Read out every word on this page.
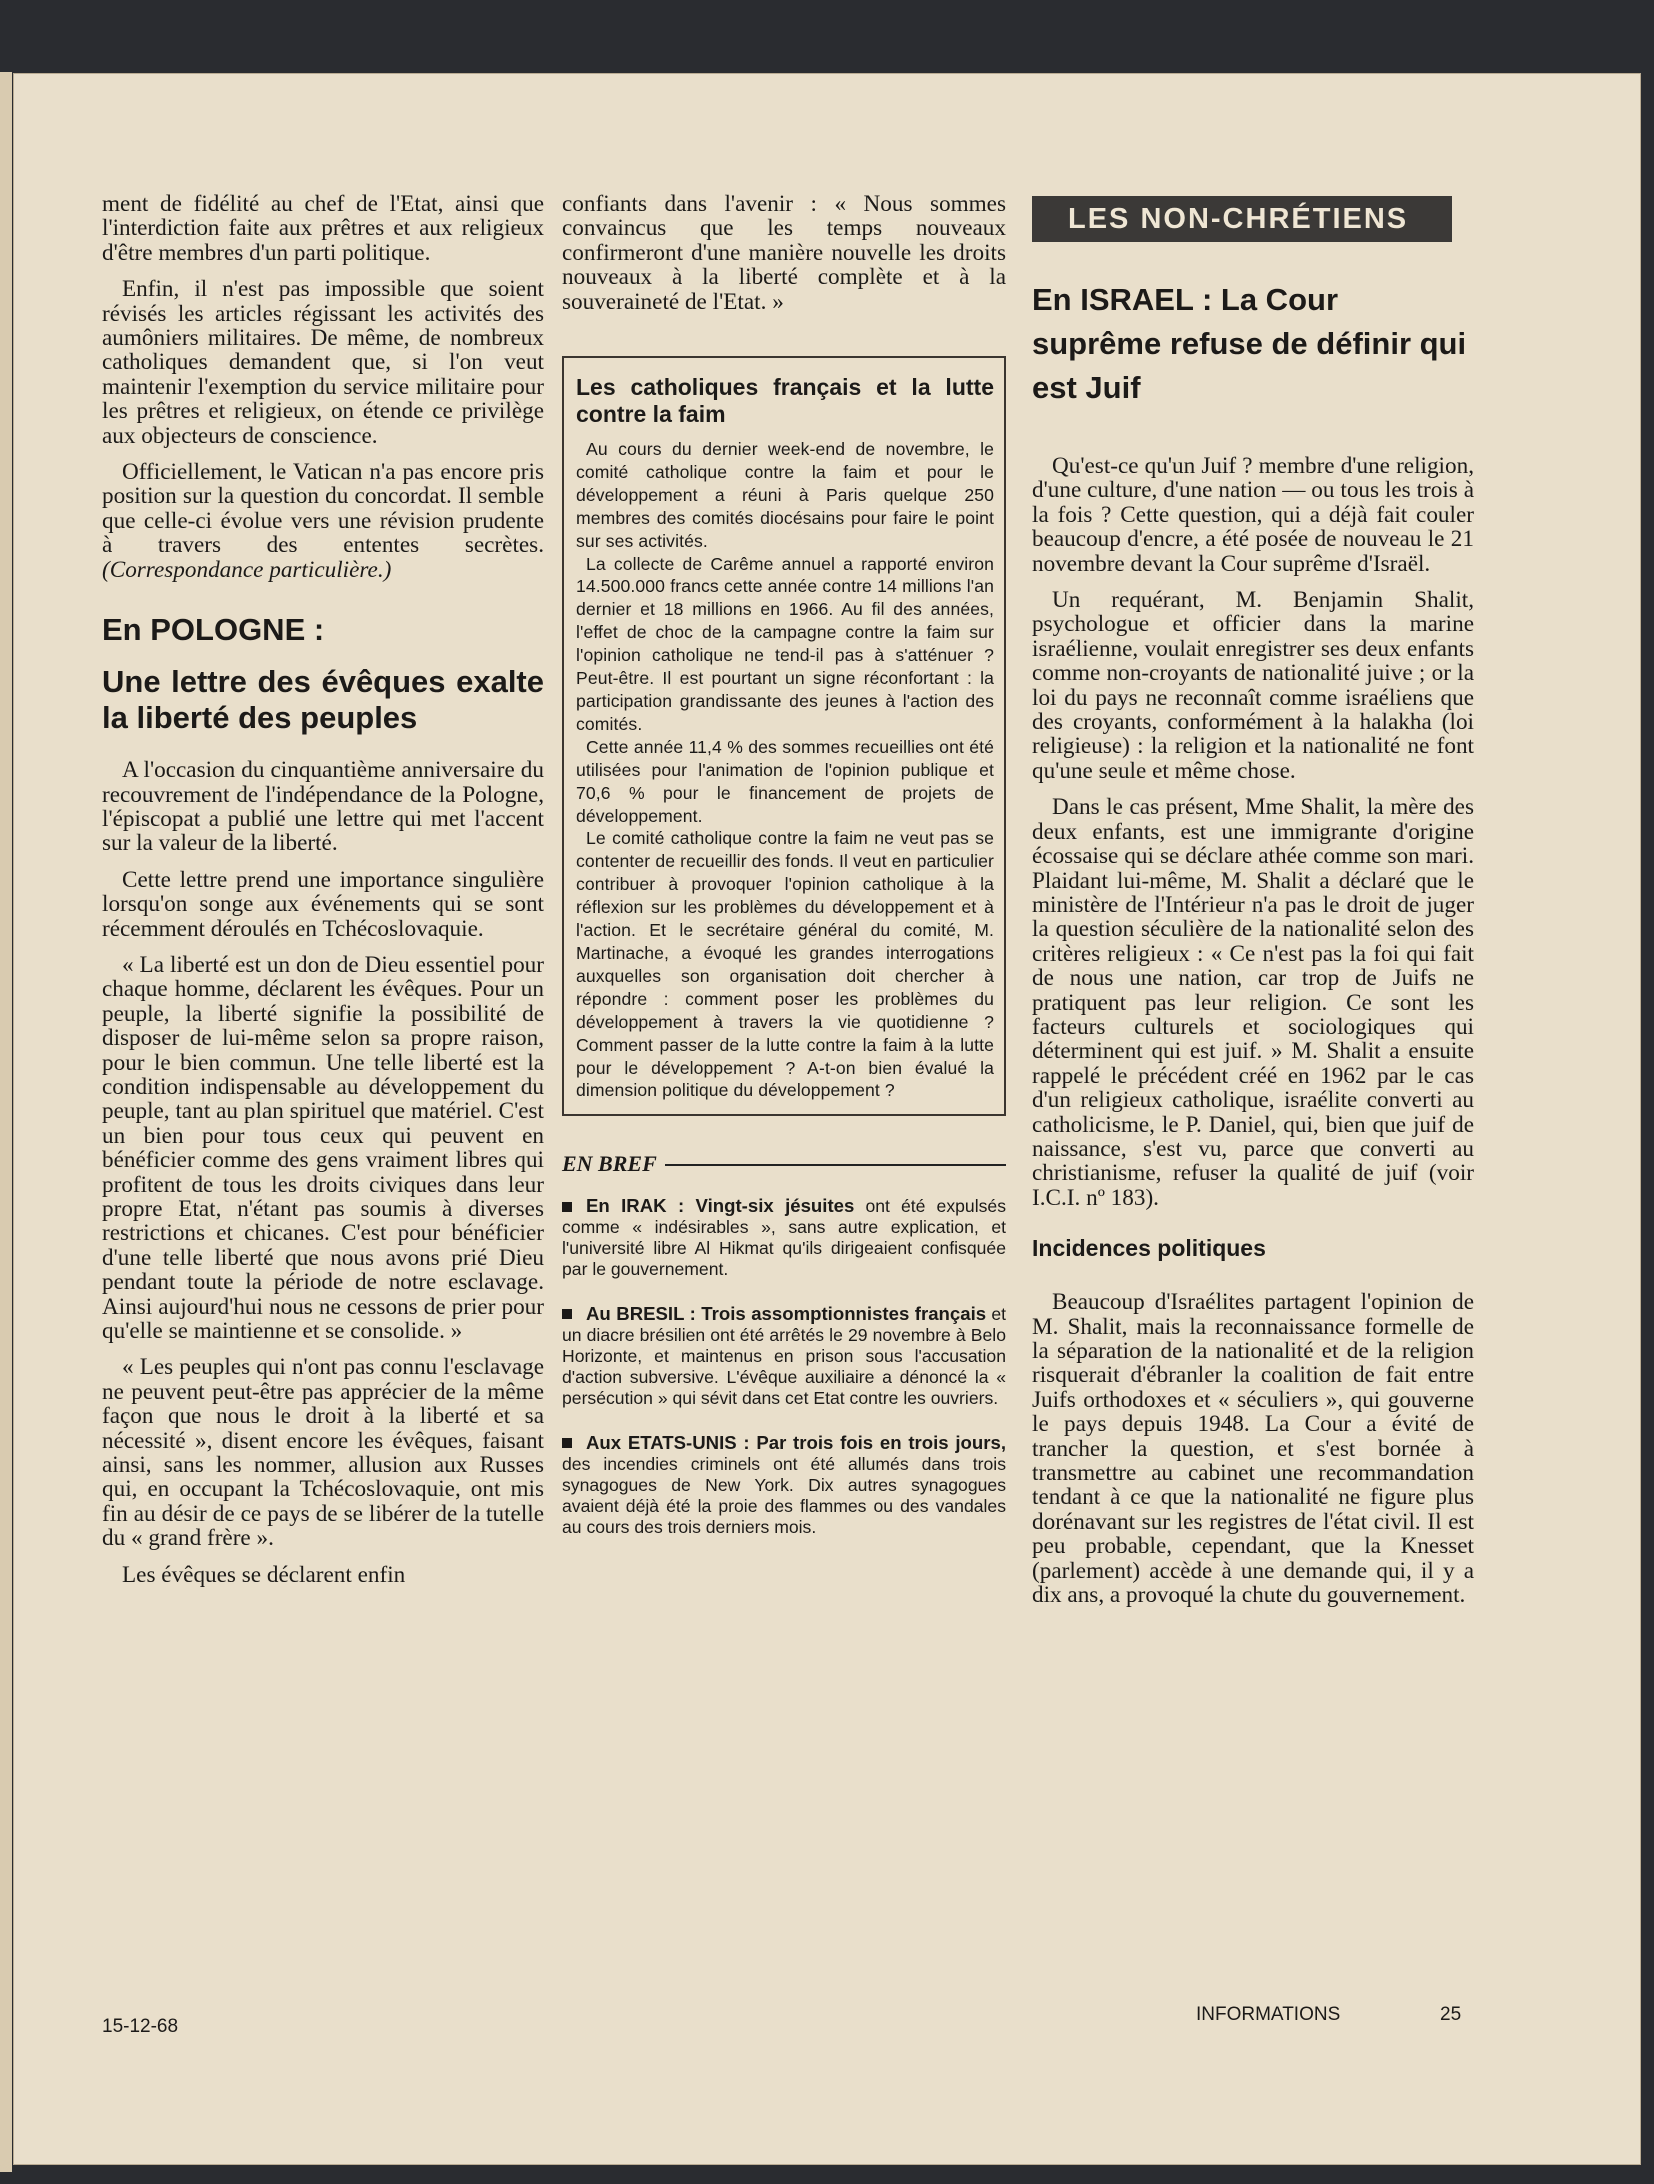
ment de fidélité au chef de l'Etat, ainsi que l'interdiction faite aux prêtres et aux religieux d'être membres d'un parti politique.

Enfin, il n'est pas impossible que soient révisés les articles régissant les activités des aumôniers militaires. De même, de nombreux catholiques demandent que, si l'on veut maintenir l'exemption du service militaire pour les prêtres et religieux, on étende ce privilège aux objecteurs de conscience.

Officiellement, le Vatican n'a pas encore pris position sur la question du concordat. Il semble que celle-ci évolue vers une révision prudente à travers des ententes secrètes. (Correspondance particulière.)

En POLOGNE :
Une lettre des évêques exalte la liberté des peuples

A l'occasion du cinquantième anniversaire du recouvrement de l'indépendance de la Pologne, l'épiscopat a publié une lettre qui met l'accent sur la valeur de la liberté.

Cette lettre prend une importance singulière lorsqu'on songe aux événements qui se sont récemment déroulés en Tchécoslovaquie.

« La liberté est un don de Dieu essentiel pour chaque homme, déclarent les évêques. Pour un peuple, la liberté signifie la possibilité de disposer de lui-même selon sa propre raison, pour le bien commun. Une telle liberté est la condition indispensable au développement du peuple, tant au plan spirituel que matériel. C'est un bien pour tous ceux qui peuvent en bénéficier comme des gens vraiment libres qui profitent de tous les droits civiques dans leur propre Etat, n'étant pas soumis à diverses restrictions et chicanes. C'est pour bénéficier d'une telle liberté que nous avons prié Dieu pendant toute la période de notre esclavage. Ainsi aujourd'hui nous ne cessons de prier pour qu'elle se maintienne et se consolide. »

« Les peuples qui n'ont pas connu l'esclavage ne peuvent peut-être pas apprécier de la même façon que nous le droit à la liberté et sa nécessité », disent encore les évêques, faisant ainsi, sans les nommer, allusion aux Russes qui, en occupant la Tchécoslovaquie, ont mis fin au désir de ce pays de se libérer de la tutelle du « grand frère ».

Les évêques se déclarent enfin

confiants dans l'avenir : « Nous sommes convaincus que les temps nouveaux confirmeront d'une manière nouvelle les droits nouveaux à la liberté complète et à la souveraineté de l'Etat. »

Les catholiques français et la lutte contre la faim

Au cours du dernier week-end de novembre, le comité catholique contre la faim et pour le développement a réuni à Paris quelque 250 membres des comités diocésains pour faire le point sur ses activités.

La collecte de Carême annuel a rapporté environ 14.500.000 francs cette année contre 14 millions l'an dernier et 18 millions en 1966. Au fil des années, l'effet de choc de la campagne contre la faim sur l'opinion catholique ne tend-il pas à s'atténuer ? Peut-être. Il est pourtant un signe réconfortant : la participation grandissante des jeunes à l'action des comités.

Cette année 11,4 % des sommes recueillies ont été utilisées pour l'animation de l'opinion publique et 70,6 % pour le financement de projets de développement.

Le comité catholique contre la faim ne veut pas se contenter de recueillir des fonds. Il veut en particulier contribuer à provoquer l'opinion catholique à la réflexion sur les problèmes du développement et à l'action. Et le secrétaire général du comité, M. Martinache, a évoqué les grandes interrogations auxquelles son organisation doit chercher à répondre : comment poser les problèmes du développement à travers la vie quotidienne ? Comment passer de la lutte contre la faim à la lutte pour le développement ? A-t-on bien évalué la dimension politique du développement ?

EN BREF

En IRAK : Vingt-six jésuites ont été expulsés comme « indésirables », sans autre explication, et l'université libre Al Hikmat qu'ils dirigeaient confisquée par le gouvernement.

Au BRESIL : Trois assomptionnistes français et un diacre brésilien ont été arrêtés le 29 novembre à Belo Horizonte, et maintenus en prison sous l'accusation d'action subversive. L'évêque auxiliaire a dénoncé la « persécution » qui sévit dans cet Etat contre les ouvriers.

Aux ETATS-UNIS : Par trois fois en trois jours, des incendies criminels ont été allumés dans trois synagogues de New York. Dix autres synagogues avaient déjà été la proie des flammes ou des vandales au cours des trois derniers mois.

LES NON-CHRÉTIENS
En ISRAEL : La Cour suprême refuse de définir qui est Juif

Qu'est-ce qu'un Juif ? membre d'une religion, d'une culture, d'une nation — ou tous les trois à la fois ? Cette question, qui a déjà fait couler beaucoup d'encre, a été posée de nouveau le 21 novembre devant la Cour suprême d'Israël.

Un requérant, M. Benjamin Shalit, psychologue et officier dans la marine israélienne, voulait enregistrer ses deux enfants comme non-croyants de nationalité juive ; or la loi du pays ne reconnaît comme israéliens que des croyants, conformément à la halakha (loi religieuse) : la religion et la nationalité ne font qu'une seule et même chose.

Dans le cas présent, Mme Shalit, la mère des deux enfants, est une immigrante d'origine écossaise qui se déclare athée comme son mari. Plaidant lui-même, M. Shalit a déclaré que le ministère de l'Intérieur n'a pas le droit de juger la question séculière de la nationalité selon des critères religieux : « Ce n'est pas la foi qui fait de nous une nation, car trop de Juifs ne pratiquent pas leur religion. Ce sont les facteurs culturels et sociologiques qui déterminent qui est juif. » M. Shalit a ensuite rappelé le précédent créé en 1962 par le cas d'un religieux catholique, israélite converti au catholicisme, le P. Daniel, qui, bien que juif de naissance, s'est vu, parce que converti au christianisme, refuser la qualité de juif (voir I.C.I. nº 183).

Incidences politiques

Beaucoup d'Israélites partagent l'opinion de M. Shalit, mais la reconnaissance formelle de la séparation de la nationalité et de la religion risquerait d'ébranler la coalition de fait entre Juifs orthodoxes et « séculiers », qui gouverne le pays depuis 1948. La Cour a évité de trancher la question, et s'est bornée à transmettre au cabinet une recommandation tendant à ce que la nationalité ne figure plus dorénavant sur les registres de l'état civil. Il est peu probable, cependant, que la Knesset (parlement) accède à une demande qui, il y a dix ans, a provoqué la chute du gouvernement.

15-12-68
INFORMATIONS	25
